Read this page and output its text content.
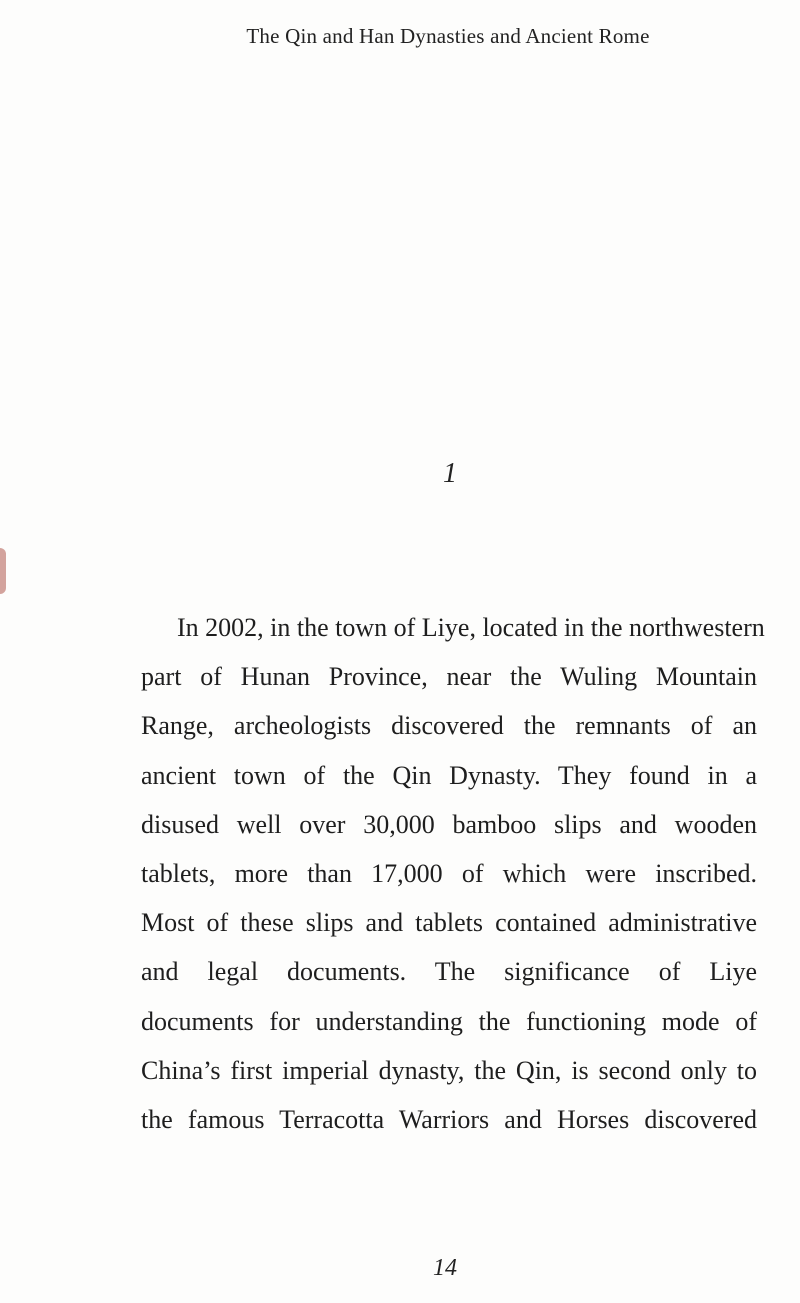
The Qin and Han Dynasties and Ancient Rome
1
In 2002, in the town of Liye, located in the northwestern
part of Hunan Province, near the Wuling Mountain
Range, archeologists discovered the remnants of an
ancient town of the Qin Dynasty. They found in a
disused well over 30,000 bamboo slips and wooden
tablets, more than 17,000 of which were inscribed.
Most of these slips and tablets contained administrative
and legal documents. The significance of Liye
documents for understanding the functioning mode of
China’s first imperial dynasty, the Qin, is second only to
the famous Terracotta Warriors and Horses discovered
14
